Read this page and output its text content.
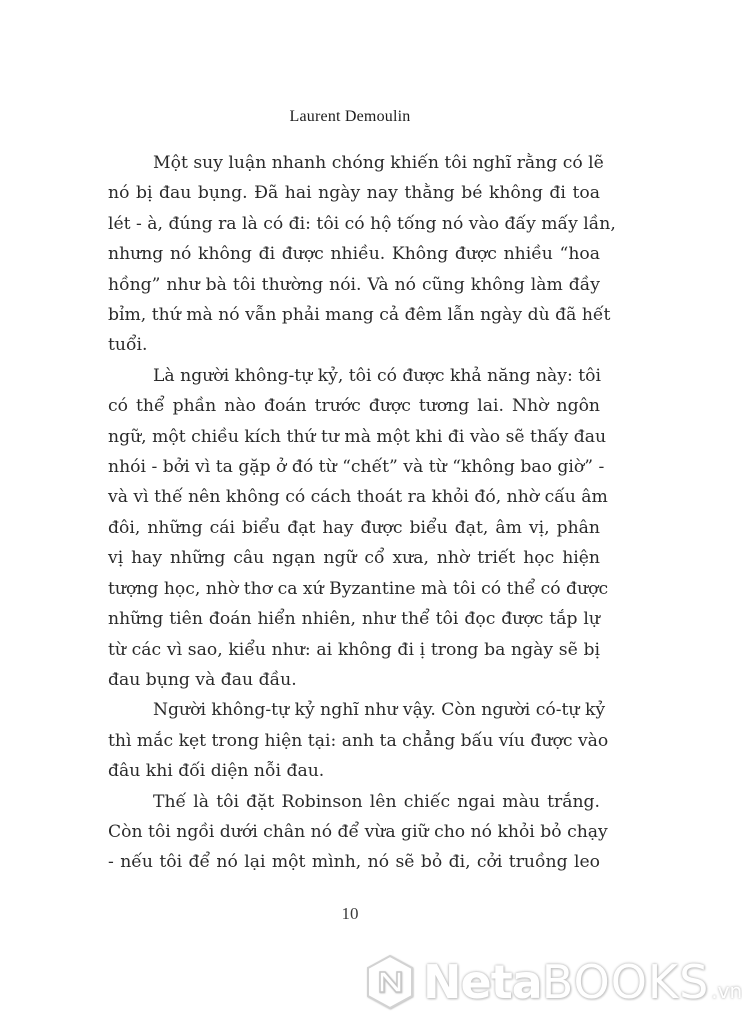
Laurent Demoulin
Một suy luận nhanh chóng khiến tôi nghĩ rằng có lẽ
nó bị đau bụng. Đã hai ngày nay thằng bé không đi toa
lét - à, đúng ra là có đi: tôi có hộ tống nó vào đấy mấy lần,
nhưng nó không đi được nhiều. Không được nhiều “hoa
hồng” như bà tôi thường nói. Và nó cũng không làm đầy
bỉm, thứ mà nó vẫn phải mang cả đêm lẫn ngày dù đã hết
tuổi.
Là người không-tự kỷ, tôi có được khả năng này: tôi
có thể phần nào đoán trước được tương lai. Nhờ ngôn
ngữ, một chiều kích thứ tư mà một khi đi vào sẽ thấy đau
nhói - bởi vì ta gặp ở đó từ “chết” và từ “không bao giờ” -
và vì thế nên không có cách thoát ra khỏi đó, nhờ cấu âm
đôi, những cái biểu đạt hay được biểu đạt, âm vị, phân
vị hay những câu ngạn ngữ cổ xưa, nhờ triết học hiện
tượng học, nhờ thơ ca xứ Byzantine mà tôi có thể có được
những tiên đoán hiển nhiên, như thể tôi đọc được tắp lự
từ các vì sao, kiểu như: ai không đi ị trong ba ngày sẽ bị
đau bụng và đau đầu.
Người không-tự kỷ nghĩ như vậy. Còn người có-tự kỷ
thì mắc kẹt trong hiện tại: anh ta chẳng bấu víu được vào
đâu khi đối diện nỗi đau.
Thế là tôi đặt Robinson lên chiếc ngai màu trắng.
Còn tôi ngồi dưới chân nó để vừa giữ cho nó khỏi bỏ chạy
- nếu tôi để nó lại một mình, nó sẽ bỏ đi, cởi truồng leo
10
NetaBOOKS .vn
